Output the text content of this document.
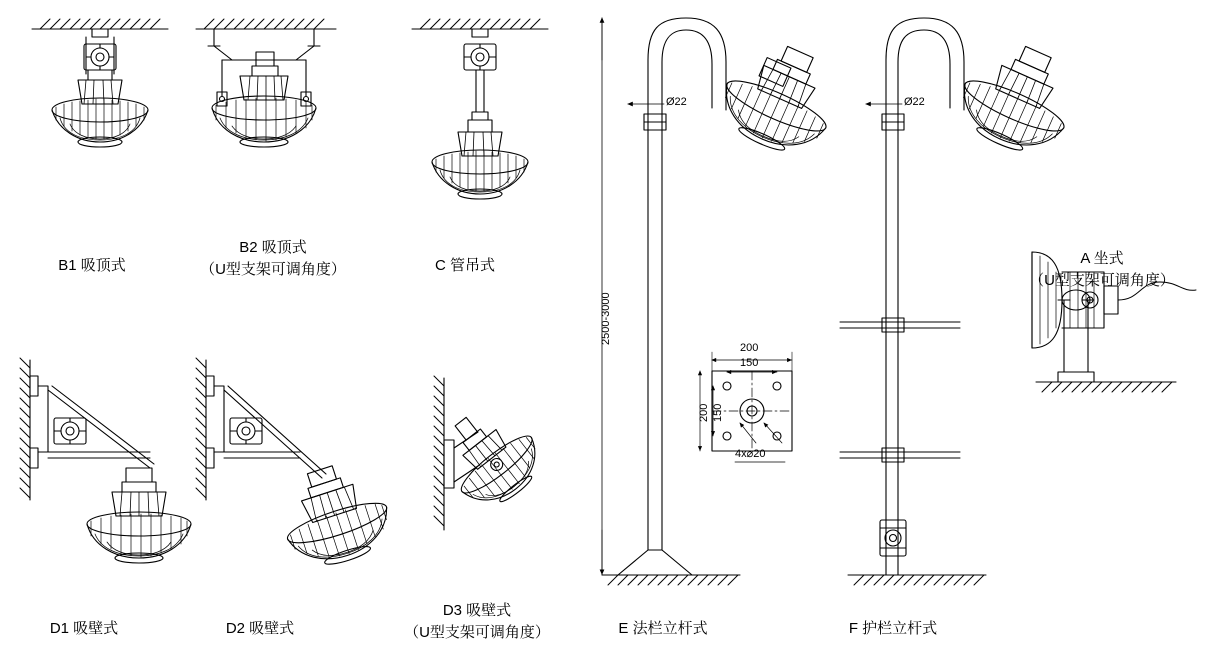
B1 吸顶式
B2 吸顶式
（U型支架可调角度）	C 管吊式
D1 吸壁式	D2 吸壁式
D3 吸壁式
（U型支架可调角度）	E 法栏立杆式	F 护栏立杆式
A 坐式
（U型支架可调角度）
2500-3000
Ø22	Ø22
200
150
200 150
4x⌀20
